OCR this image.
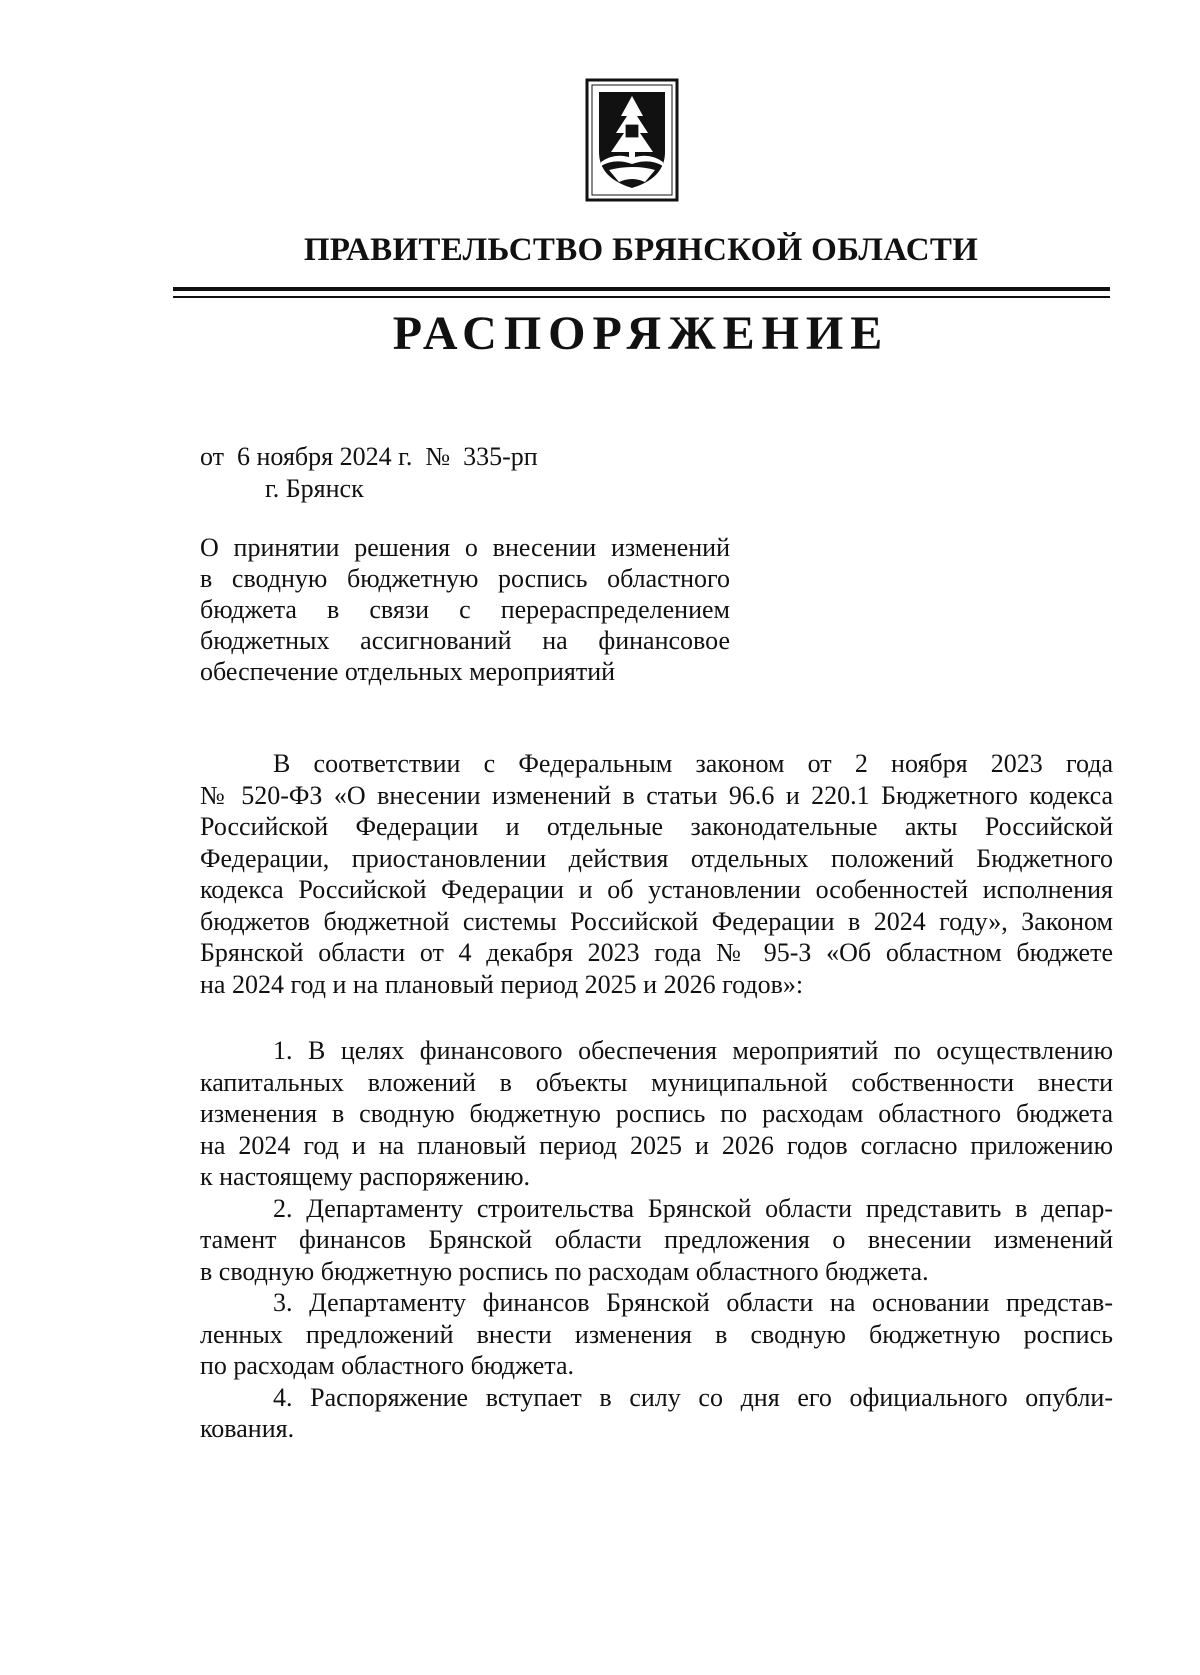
ПРАВИТЕЛЬСТВО БРЯНСКОЙ ОБЛАСТИ
РАСПОРЯЖЕНИЕ
от  6 ноября 2024 г.  №  335-рп
г. Брянск
О принятии решения о внесении изменений
в сводную бюджетную роспись областного
бюджета в связи с перераспределением
бюджетных ассигнований на финансовое
обеспечение отдельных мероприятий
В соответствии с Федеральным законом от 2 ноября 2023 года
№ 520-ФЗ «О внесении изменений в статьи 96.6 и 220.1 Бюджетного кодекса
Российской Федерации и отдельные законодательные акты Российской
Федерации, приостановлении действия отдельных положений Бюджетного
кодекса Российской Федерации и об установлении особенностей исполнения
бюджетов бюджетной системы Российской Федерации в 2024 году», Законом
Брянской области от 4 декабря 2023 года № 95-З «Об областном бюджете
на 2024 год и на плановый период 2025 и 2026 годов»:
1. В целях финансового обеспечения мероприятий по осуществлению
капитальных вложений в объекты муниципальной собственности внести
изменения в сводную бюджетную роспись по расходам областного бюджета
на 2024 год и на плановый период 2025 и 2026 годов согласно приложению
к настоящему распоряжению.
2. Департаменту строительства Брянской области представить в депар-
тамент финансов Брянской области предложения о внесении изменений
в сводную бюджетную роспись по расходам областного бюджета.
3. Департаменту финансов Брянской области на основании представ-
ленных предложений внести изменения в сводную бюджетную роспись
по расходам областного бюджета.
4. Распоряжение вступает в силу со дня его официального опубли-
кования.
